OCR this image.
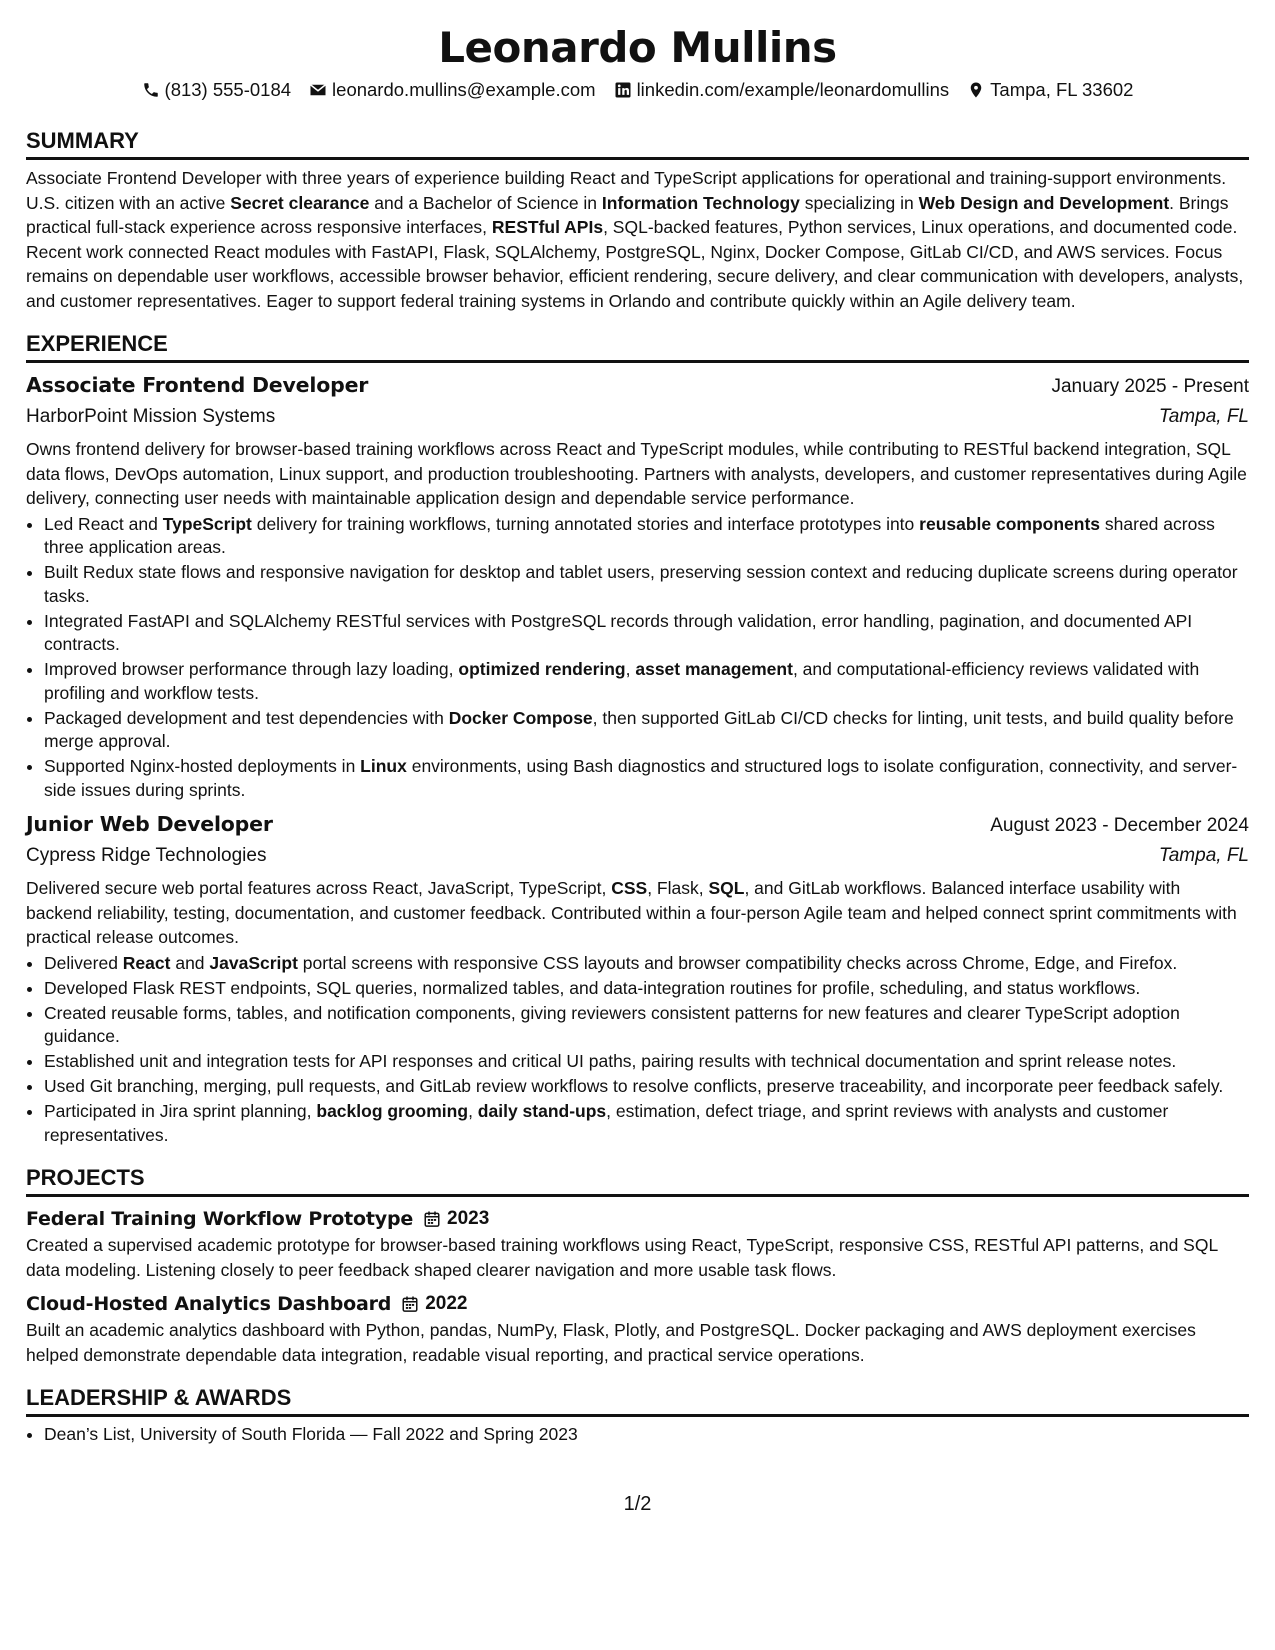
Leonardo Mullins
(813) 555-0184 leonardo.mullins@example.com linkedin.com/example/leonardomullins Tampa, FL 33602
SUMMARY

Associate Frontend Developer with three years of experience building React and TypeScript applications for operational and training-support environments. U.S. citizen with an active Secret clearance and a Bachelor of Science in Information Technology specializing in Web Design and Development. Brings practical full-stack experience across responsive interfaces, RESTful APIs, SQL-backed features, Python services, Linux operations, and documented code. Recent work connected React modules with FastAPI, Flask, SQLAlchemy, PostgreSQL, Nginx, Docker Compose, GitLab CI/CD, and AWS services. Focus remains on dependable user workflows, accessible browser behavior, efficient rendering, secure delivery, and clear communication with developers, analysts, and customer representatives. Eager to support federal training systems in Orlando and contribute quickly within an Agile delivery team.

EXPERIENCE
Associate Frontend Developer	January 2025 - Present
HarborPoint Mission Systems	Tampa, FL

Owns frontend delivery for browser-based training workflows across React and TypeScript modules, while contributing to RESTful backend integration, SQL data flows, DevOps automation, Linux support, and production troubleshooting. Partners with analysts, developers, and customer representatives during Agile delivery, connecting user needs with maintainable application design and dependable service performance.

• Led React and TypeScript delivery for training workflows, turning annotated stories and interface prototypes into reusable components shared across three application areas.
• Built Redux state flows and responsive navigation for desktop and tablet users, preserving session context and reducing duplicate screens during operator tasks.
• Integrated FastAPI and SQLAlchemy RESTful services with PostgreSQL records through validation, error handling, pagination, and documented API contracts.
• Improved browser performance through lazy loading, optimized rendering, asset management, and computational-efficiency reviews validated with profiling and workflow tests.
• Packaged development and test dependencies with Docker Compose, then supported GitLab CI/CD checks for linting, unit tests, and build quality before merge approval.
• Supported Nginx-hosted deployments in Linux environments, using Bash diagnostics and structured logs to isolate configuration, connectivity, and server-side issues during sprints.
Junior Web Developer	August 2023 - December 2024
Cypress Ridge Technologies	Tampa, FL

Delivered secure web portal features across React, JavaScript, TypeScript, CSS, Flask, SQL, and GitLab workflows. Balanced interface usability with backend reliability, testing, documentation, and customer feedback. Contributed within a four-person Agile team and helped connect sprint commitments with practical release outcomes.

• Delivered React and JavaScript portal screens with responsive CSS layouts and browser compatibility checks across Chrome, Edge, and Firefox.
• Developed Flask REST endpoints, SQL queries, normalized tables, and data-integration routines for profile, scheduling, and status workflows.
• Created reusable forms, tables, and notification components, giving reviewers consistent patterns for new features and clearer TypeScript adoption guidance.
• Established unit and integration tests for API responses and critical UI paths, pairing results with technical documentation and sprint release notes.
• Used Git branching, merging, pull requests, and GitLab review workflows to resolve conflicts, preserve traceability, and incorporate peer feedback safely.
• Participated in Jira sprint planning, backlog grooming, daily stand-ups, estimation, defect triage, and sprint reviews with analysts and customer representatives.
PROJECTS
Federal Training Workflow Prototype 2023

Created a supervised academic prototype for browser-based training workflows using React, TypeScript, responsive CSS, RESTful API patterns, and SQL data modeling. Listening closely to peer feedback shaped clearer navigation and more usable task flows.

Cloud-Hosted Analytics Dashboard 2022

Built an academic analytics dashboard with Python, pandas, NumPy, Flask, Plotly, and PostgreSQL. Docker packaging and AWS deployment exercises helped demonstrate dependable data integration, readable visual reporting, and practical service operations.

LEADERSHIP & AWARDS
• Dean’s List, University of South Florida — Fall 2022 and Spring 2023
1/2
